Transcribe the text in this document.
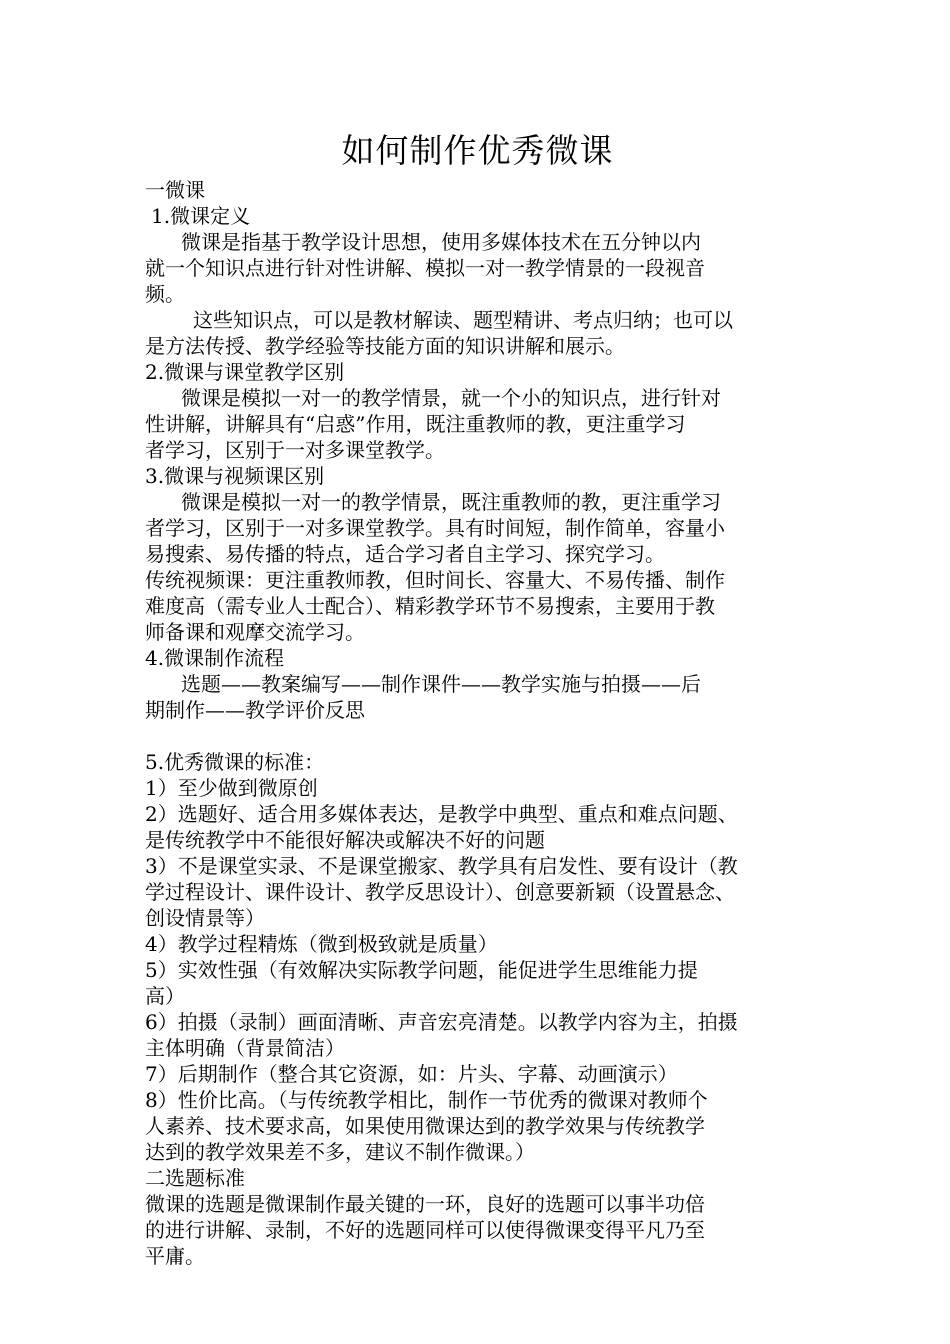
如何制作优秀微课
一微课
1.微课定义
微课是指基于教学设计思想，使用多媒体技术在五分钟以内
就一个知识点进行针对性讲解、模拟一对一教学情景的一段视音
频。
这些知识点，可以是教材解读、题型精讲、考点归纳；也可以
是方法传授、教学经验等技能方面的知识讲解和展示。
2.微课与课堂教学区别
微课是模拟一对一的教学情景，就一个小的知识点，进行针对
性讲解，讲解具有“启惑”作用，既注重教师的教，更注重学习
者学习，区别于一对多课堂教学。
3.微课与视频课区别
微课是模拟一对一的教学情景，既注重教师的教，更注重学习
者学习，区别于一对多课堂教学。具有时间短，制作简单，容量小
易搜索、易传播的特点，适合学习者自主学习、探究学习。
传统视频课：更注重教师教，但时间长、容量大、不易传播、制作
难度高（需专业人士配合）、精彩教学环节不易搜索，主要用于教
师备课和观摩交流学习。
4.微课制作流程
选题——教案编写——制作课件——教学实施与拍摄——后
期制作——教学评价反思
5.优秀微课的标准：
1）至少做到微原创
2）选题好、适合用多媒体表达，是教学中典型、重点和难点问题、
是传统教学中不能很好解决或解决不好的问题
3）不是课堂实录、不是课堂搬家、教学具有启发性、要有设计（教
学过程设计、课件设计、教学反思设计）、创意要新颖（设置悬念、
创设情景等）
4）教学过程精炼（微到极致就是质量）
5）实效性强（有效解决实际教学问题，能促进学生思维能力提
高）
6）拍摄（录制）画面清晰、声音宏亮清楚。以教学内容为主，拍摄
主体明确（背景简洁）
7）后期制作（整合其它资源，如：片头、字幕、动画演示）
8）性价比高。（与传统教学相比，制作一节优秀的微课对教师个
人素养、技术要求高，如果使用微课达到的教学效果与传统教学
达到的教学效果差不多，建议不制作微课。）
二选题标准
微课的选题是微课制作最关键的一环，良好的选题可以事半功倍
的进行讲解、录制，不好的选题同样可以使得微课变得平凡乃至
平庸。
